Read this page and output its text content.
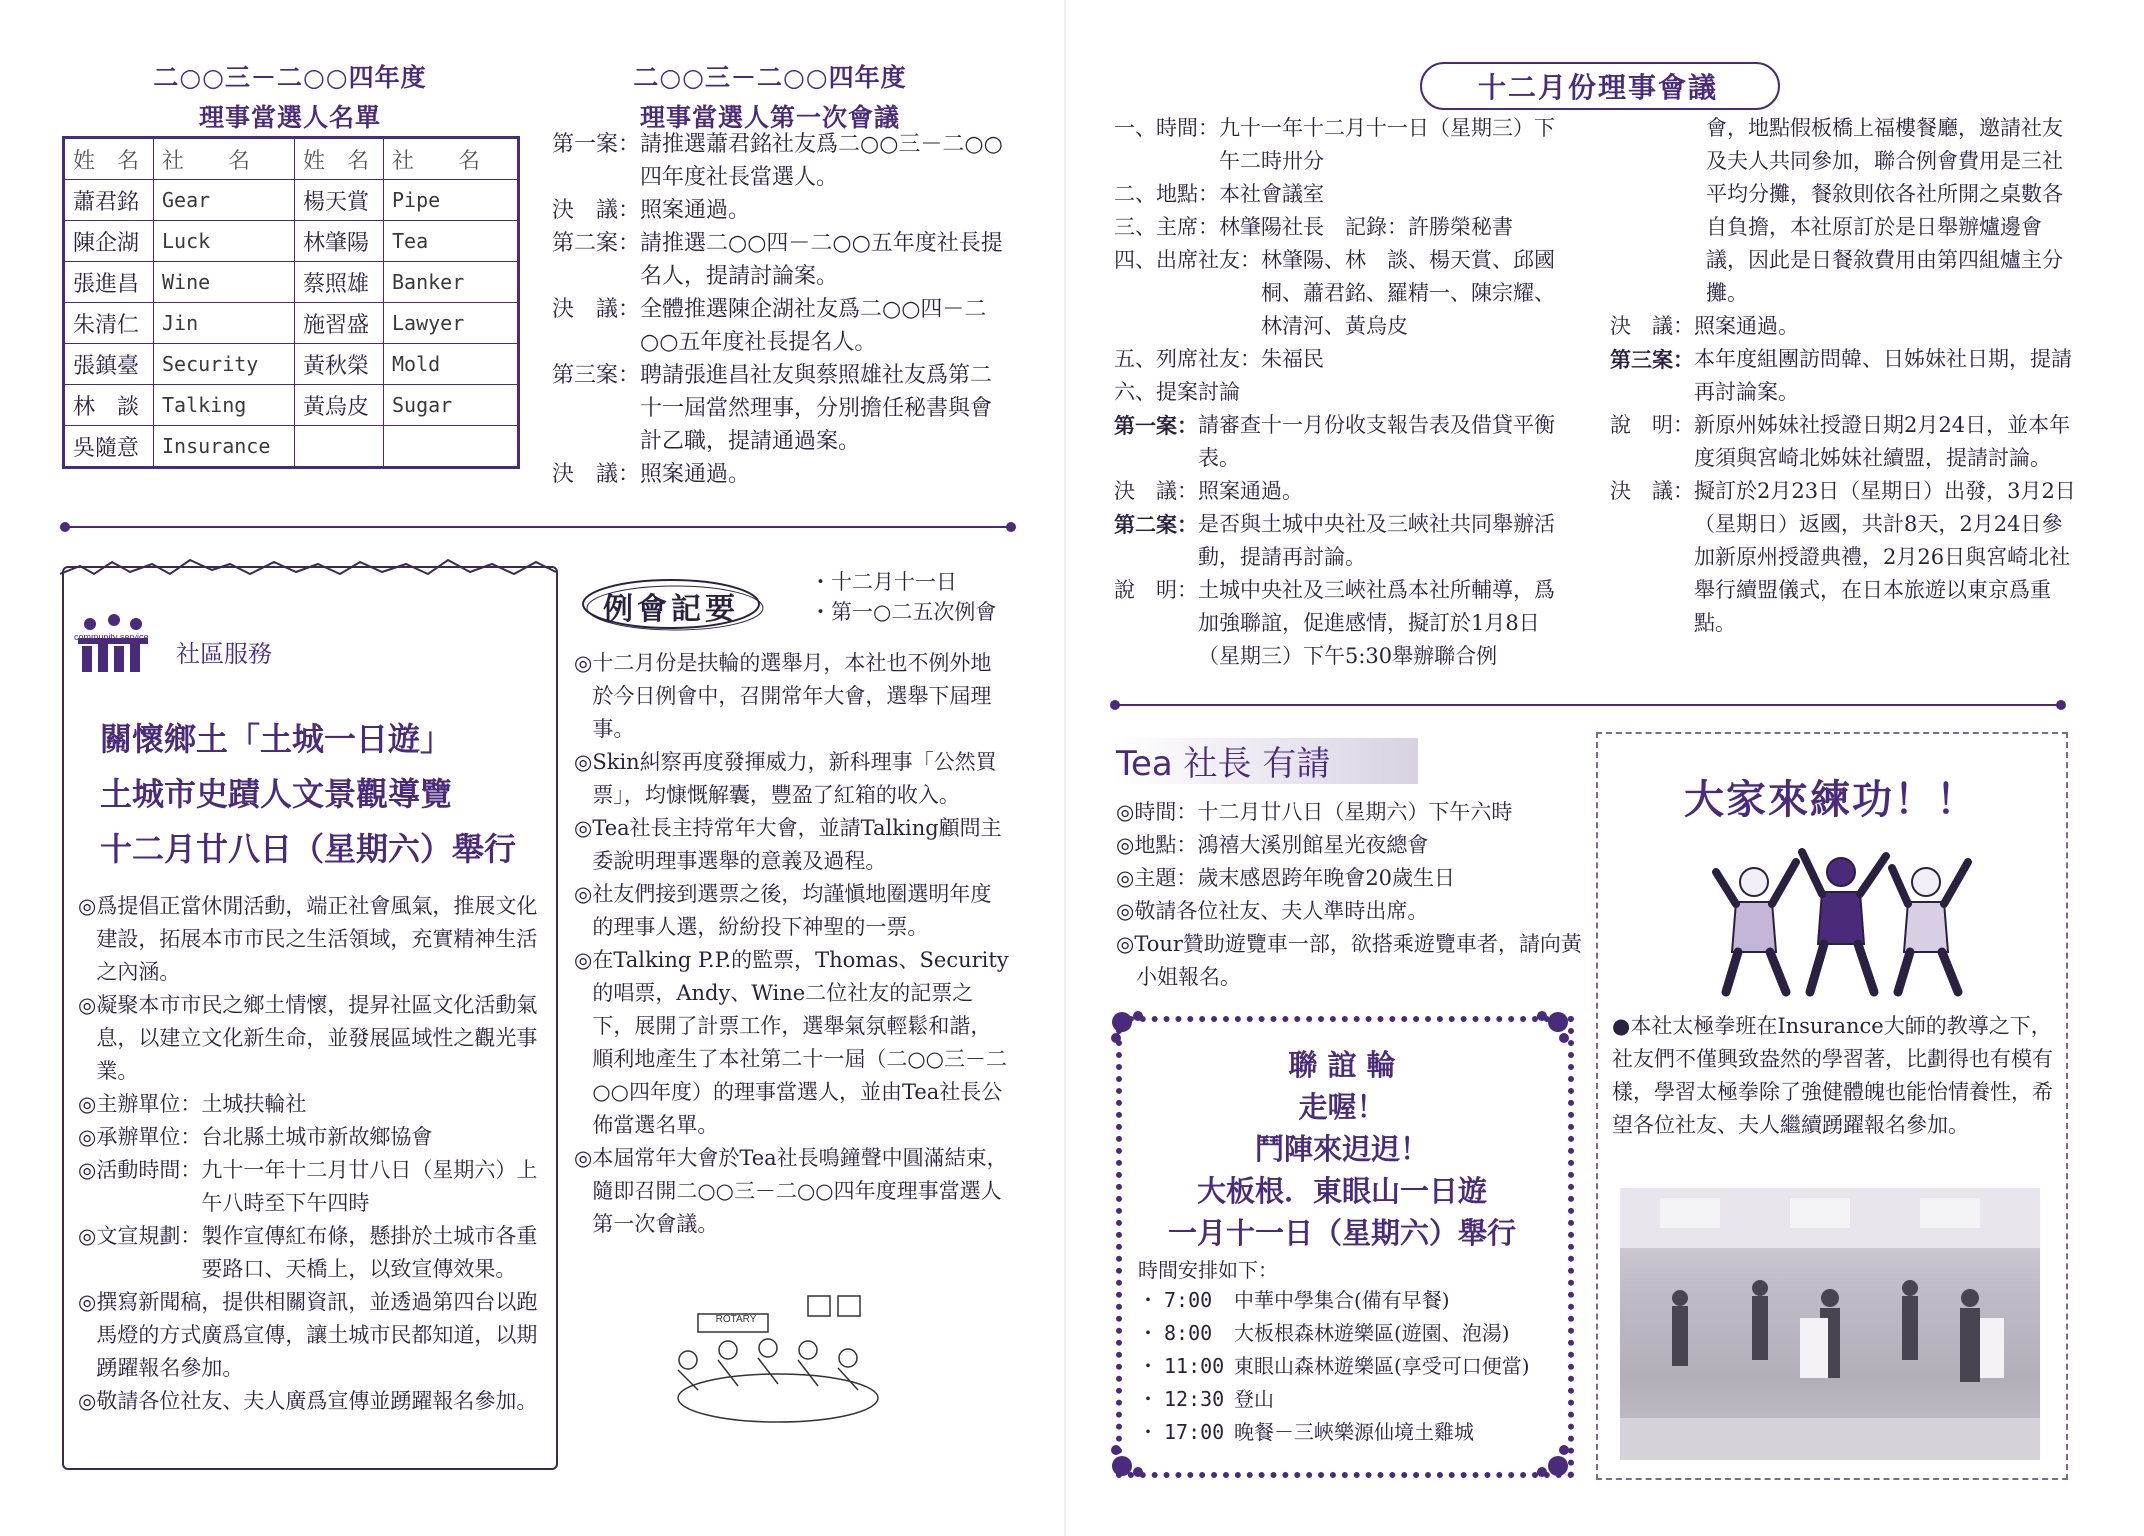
二○○三－二○○四年度
理事當選人名單
姓　名	社　　名	姓　名	社　　名
蕭君銘	Gear	楊天賞	Pipe
陳企湖	Luck	林肇陽	Tea
張進昌	Wine	蔡照雄	Banker
朱清仁	Jin	施習盛	Lawyer
張鎮臺	Security	黃秋榮	Mold
林　談	Talking	黃烏皮	Sugar
吳隨意	Insurance		
二○○三－二○○四年度
理事當選人第一次會議
第一案： 請推選蕭君銘社友爲二○○三－二○○四年度社長當選人。
決　議： 照案通過。
第二案： 請推選二○○四－二○○五年度社長提名人，提請討論案。
決　議： 全體推選陳企湖社友爲二○○四－二○○五年度社長提名人。
第三案： 聘請張進昌社友與蔡照雄社友爲第二十一屆當然理事，分別擔任秘書與會計乙職，提請通過案。
決　議： 照案通過。
community service
社區服務
關懷鄉土「土城一日遊」
土城市史蹟人文景觀導覽
十二月廿八日（星期六）舉行
◎ 爲提倡正當休閒活動，端正社會風氣，推展文化建設，拓展本市市民之生活領域，充實精神生活之內涵。
◎ 凝聚本市市民之鄉土情懷，提昇社區文化活動氣息，以建立文化新生命，並發展區域性之觀光事業。
◎主辦單位： 土城扶輪社
◎承辦單位： 台北縣土城市新故鄉協會
◎活動時間： 九十一年十二月廿八日（星期六）上午八時至下午四時
◎文宣規劃： 製作宣傳紅布條，懸掛於土城市各重要路口、天橋上，以致宣傳效果。
◎ 撰寫新聞稿，提供相關資訊，並透過第四台以跑馬燈的方式廣爲宣傳，讓土城市民都知道，以期踴躍報名參加。
◎ 敬請各位社友、夫人廣爲宣傳並踴躍報名參加。
例會記要
・十二月十一日
・第一○二五次例會
◎ 十二月份是扶輪的選舉月，本社也不例外地於今日例會中，召開常年大會，選舉下屆理事。
◎ Skin糾察再度發揮威力，新科理事「公然買票」，均慷慨解囊，豐盈了紅箱的收入。
◎ Tea社長主持常年大會，並請Talking顧問主委說明理事選舉的意義及過程。
◎ 社友們接到選票之後，均謹愼地圈選明年度的理事人選，紛紛投下神聖的一票。
◎ 在Talking P.P.的監票，Thomas、Security的唱票，Andy、Wine二位社友的記票之下，展開了計票工作，選舉氣氛輕鬆和諧，順利地產生了本社第二十一屆（二○○三－二○○四年度）的理事當選人，並由Tea社長公佈當選名單。
◎ 本屆常年大會於Tea社長鳴鐘聲中圓滿結束，隨即召開二○○三－二○○四年度理事當選人第一次會議。
ROTARY
十二月份理事會議
一、時間： 九十一年十二月十一日（星期三）下午二時卅分
二、地點： 本社會議室
三、主席： 林肇陽社長　記錄：許勝榮秘書
四、出席社友： 林肇陽、林　談、楊天賞、邱國桐、蕭君銘、羅精一、陳宗耀、林清河、黃烏皮
五、列席社友： 朱福民
六、提案討論
第一案： 請審查十一月份收支報告表及借貸平衡表。
決　議： 照案通過。
第二案： 是否與土城中央社及三峽社共同舉辦活動，提請再討論。
說　明： 土城中央社及三峽社爲本社所輔導，爲加強聯誼，促進感情，擬訂於1月8日（星期三）下午5:30舉辦聯合例
會，地點假板橋上福樓餐廳，邀請社友及夫人共同參加，聯合例會費用是三社平均分攤，餐敘則依各社所開之桌數各自負擔，本社原訂於是日舉辦爐邊會議，因此是日餐敘費用由第四組爐主分攤。
決　議： 照案通過。
第三案： 本年度組團訪問韓、日姊妹社日期，提請再討論案。
說　明： 新原州姊妹社授證日期2月24日，並本年度須與宮崎北姊妹社續盟，提請討論。
決　議： 擬訂於2月23日（星期日）出發，3月2日（星期日）返國，共計8天，2月24日參加新原州授證典禮，2月26日與宮崎北社舉行續盟儀式，在日本旅遊以東京爲重點。
Tea 社長 有請
◎時間：十二月廿八日（星期六）下午六時
◎地點：鴻禧大溪別館星光夜總會
◎主題：歲末感恩跨年晚會20歲生日
◎敬請各位社友、夫人準時出席。
◎Tour贊助遊覽車一部，欲搭乘遊覽車者，請向黃小姐報名。
聯 誼 輪
走喔！
鬥陣來迌迌！
大板根．東眼山一日遊
一月十一日（星期六）舉行
時間安排如下：
・ 7:00	中華中學集合(備有早餐)
・ 8:00	大板根森林遊樂區(遊園、泡湯)
・ 11:00 東眼山森林遊樂區(享受可口便當)
・ 12:30 登山
・ 17:00 晚餐－三峽樂源仙境土雞城
大家來練功！！
●本社太極拳班在Insurance大師的教導之下，社友們不僅興致盎然的學習著，比劃得也有模有樣，學習太極拳除了強健體魄也能怡情養性，希望各位社友、夫人繼續踴躍報名參加。
